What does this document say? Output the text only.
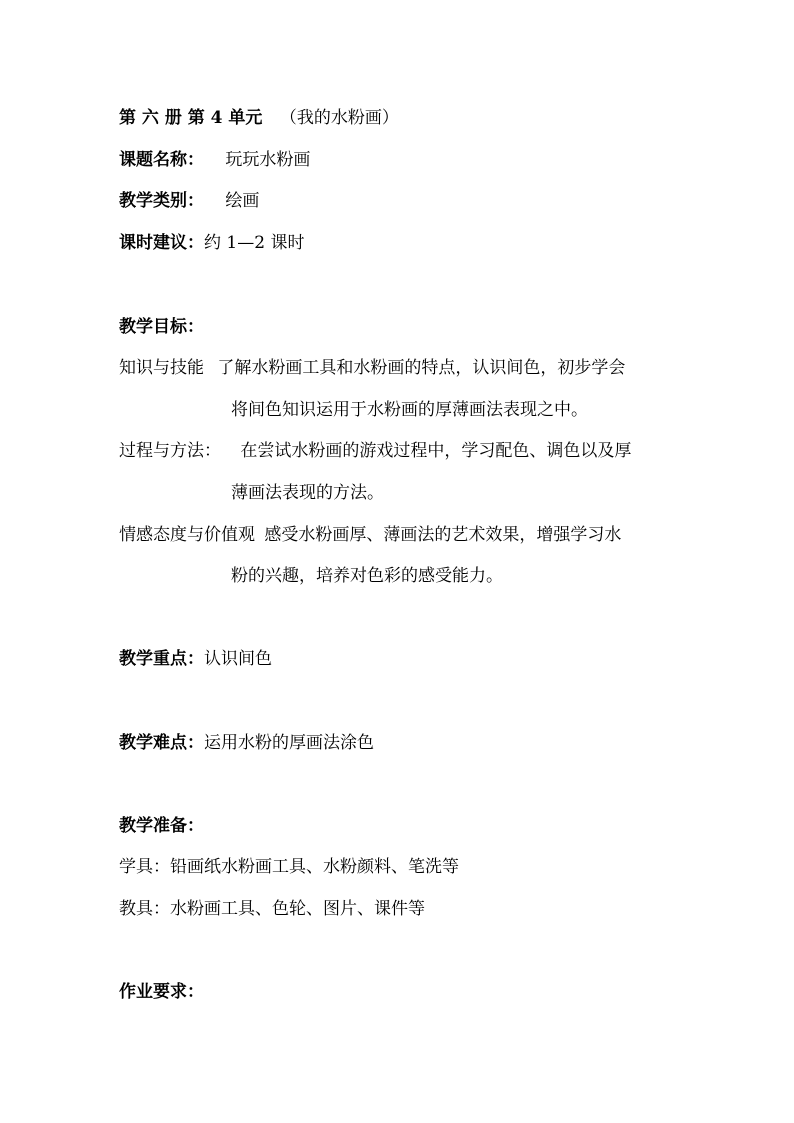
第 六 册 第 4 单元 （我的水粉画）
课题名称： 玩玩水粉画
教学类别： 绘画
课时建议：约 1—2 课时
教学目标：
知识与技能 了解水粉画工具和水粉画的特点，认识间色，初步学会
将间色知识运用于水粉画的厚薄画法表现之中。
过程与方法： 在尝试水粉画的游戏过程中，学习配色、调色以及厚
薄画法表现的方法。
情感态度与价值观 感受水粉画厚、薄画法的艺术效果，增强学习水
粉的兴趣，培养对色彩的感受能力。
教学重点：认识间色
教学难点：运用水粉的厚画法涂色
教学准备：
学具：铅画纸水粉画工具、水粉颜料、笔洗等
教具：水粉画工具、色轮、图片、课件等
作业要求：
